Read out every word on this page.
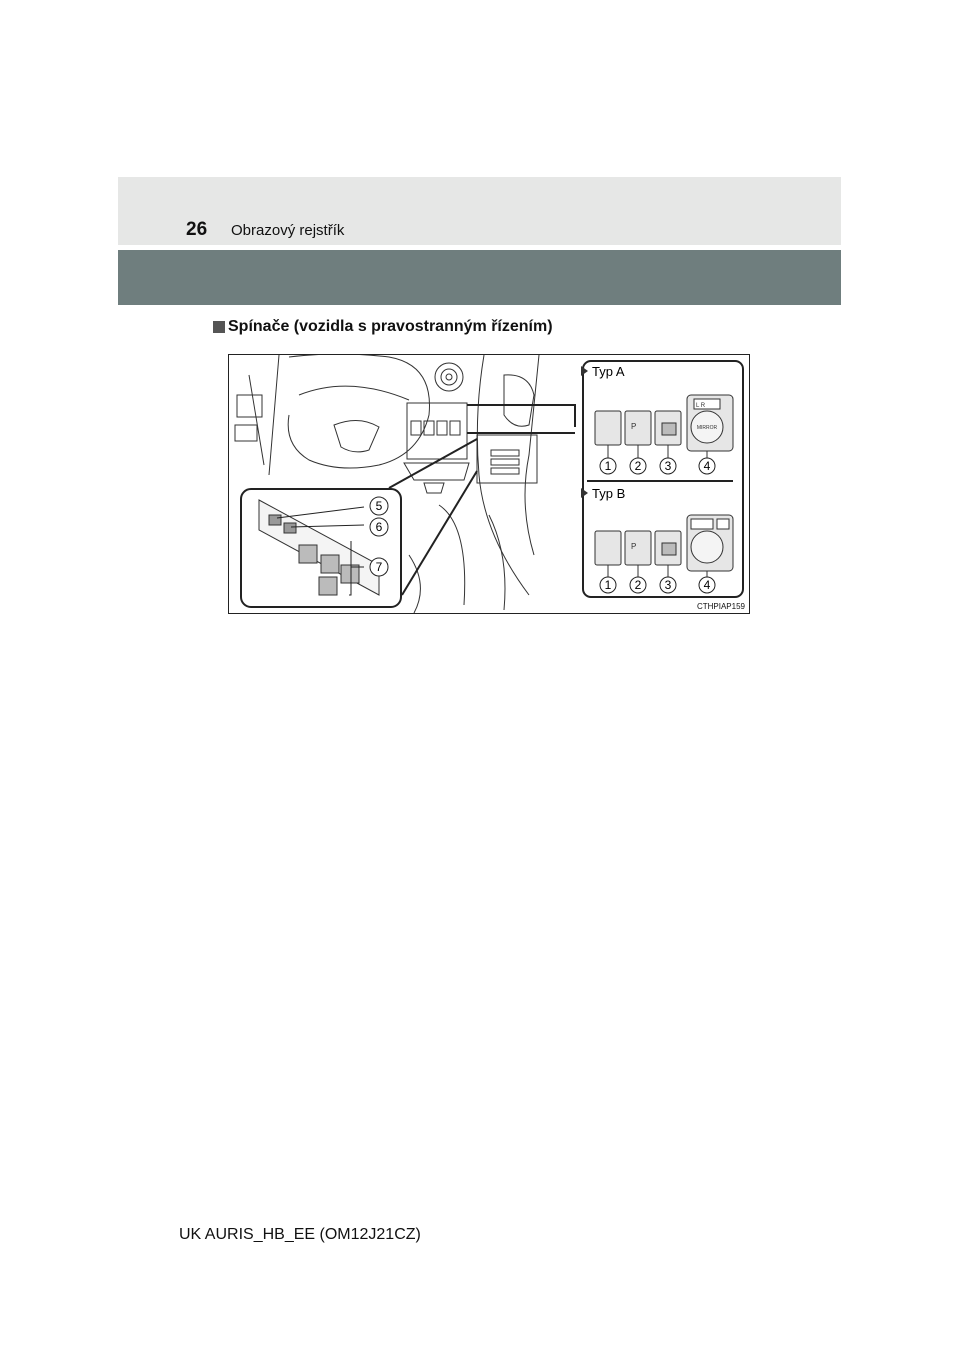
26 Obrazový rejstřík
Spínače (vozidla s pravostranným řízením)
5
6
7
Typ A
P
L R
MIRROR
1 2 3	4
Typ B
P
1 2 3	4
CTHPIAP159
UK AURIS_HB_EE (OM12J21CZ)
